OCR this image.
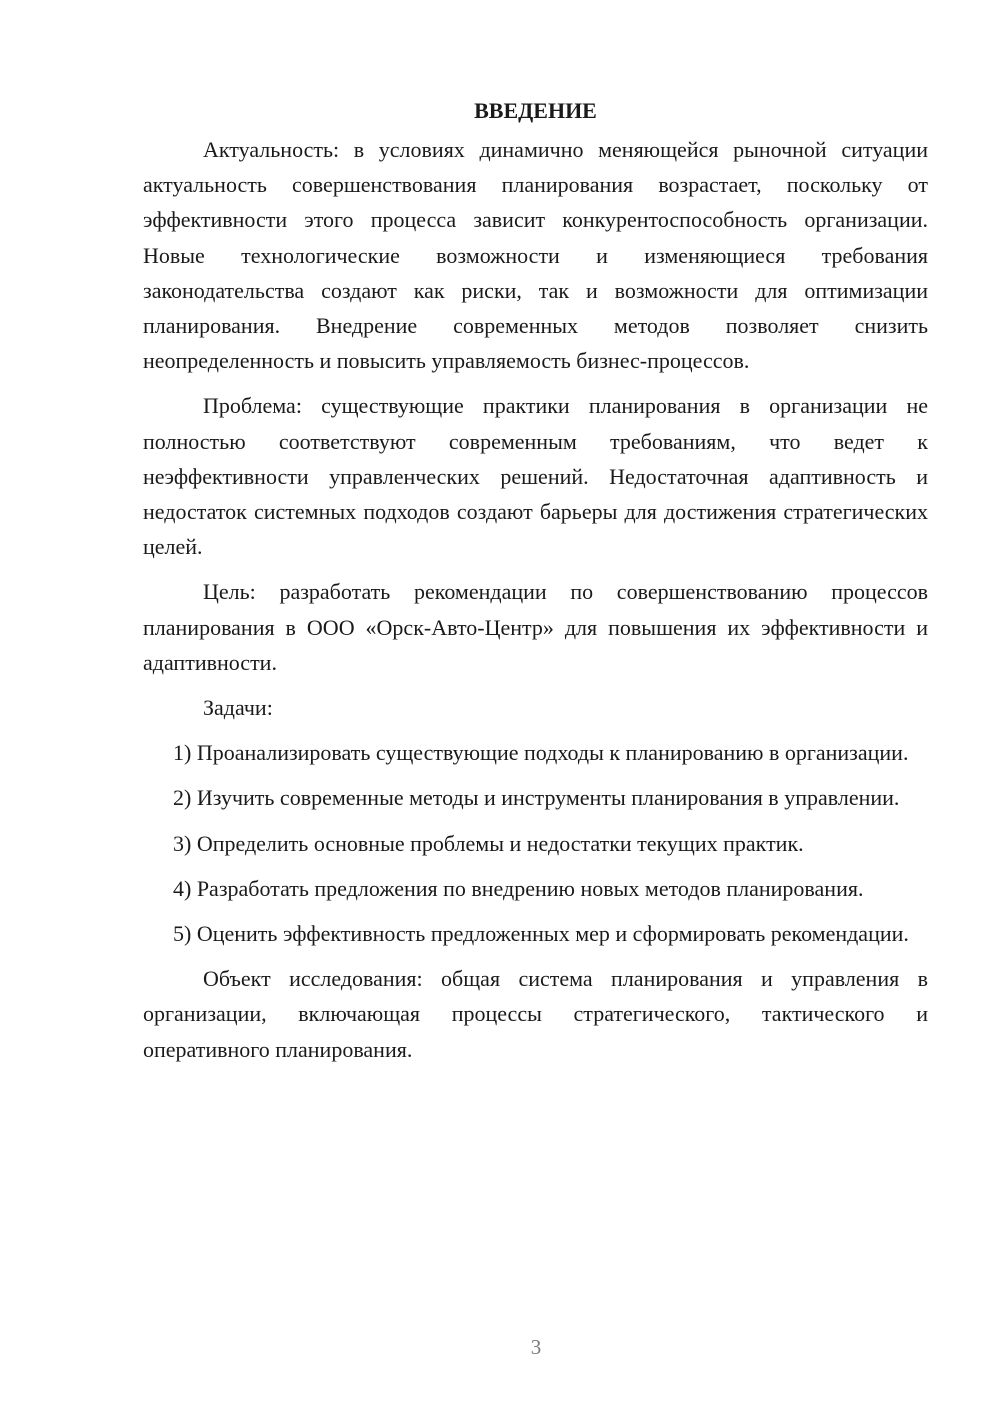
ВВЕДЕНИЕ

Актуальность: в условиях динамично меняющейся рыночной ситуации актуальность совершенствования планирования возрастает, поскольку от эффективности этого процесса зависит конкурентоспособность организации. Новые технологические возможности и изменяющиеся требования законодательства создают как риски, так и возможности для оптимизации планирования. Внедрение современных методов позволяет снизить неопределенность и повысить управляемость бизнес-процессов.

Проблема: существующие практики планирования в организации не полностью соответствуют современным требованиям, что ведет к неэффективности управленческих решений. Недостаточная адаптивность и недостаток системных подходов создают барьеры для достижения стратегических целей.

Цель: разработать рекомендации по совершенствованию процессов планирования в ООО «Орск-Авто-Центр» для повышения их эффективности и адаптивности.

Задачи:

1) Проанализировать существующие подходы к планированию в организации.

2) Изучить современные методы и инструменты планирования в управлении.

3) Определить основные проблемы и недостатки текущих практик.

4) Разработать предложения по внедрению новых методов планирования.

5) Оценить эффективность предложенных мер и сформировать рекомендации.

Объект исследования: общая система планирования и управления в организации, включающая процессы стратегического, тактического и оперативного планирования.

3
